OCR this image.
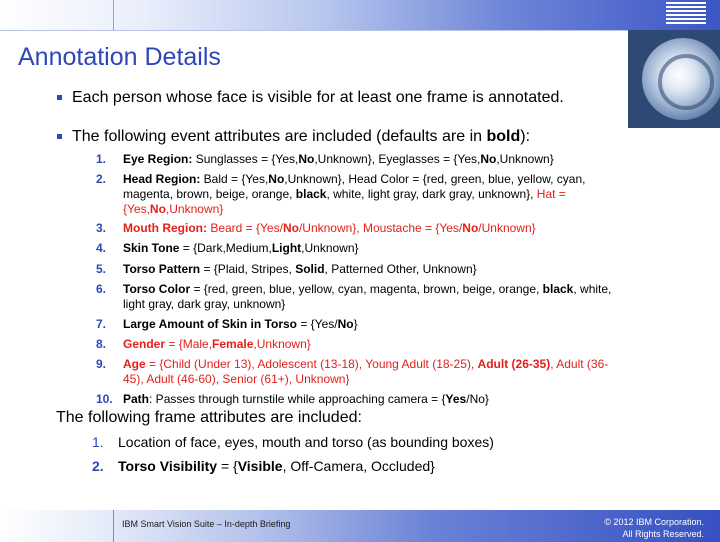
Annotation Details
Each person whose face is visible for at least one frame is annotated.
The following event attributes are included (defaults are in bold):
1.	Eye Region: Sunglasses = {Yes,No,Unknown}, Eyeglasses = {Yes,No,Unknown}
2.	Head Region: Bald = {Yes,No,Unknown}, Head Color = {red, green, blue, yellow, cyan, magenta, brown, beige, orange, black, white, light gray, dark gray, unknown}, Hat = {Yes,No,Unknown}
3.	Mouth Region: Beard = {Yes/No/Unknown}, Moustache = {Yes/No/Unknown}
4.	Skin Tone = {Dark,Medium,Light,Unknown}
5.	Torso Pattern = {Plaid, Stripes, Solid, Patterned Other, Unknown}
6.	Torso Color = {red, green, blue, yellow, cyan, magenta, brown, beige, orange, black, white, light gray, dark gray, unknown}
7.	Large Amount of Skin in Torso = {Yes/No}
8.	Gender = {Male,Female,Unknown}
9.	Age = {Child (Under 13), Adolescent (13-18), Young Adult (18-25), Adult (26-35), Adult (36-45), Adult (46-60), Senior (61+), Unknown}
10. Path: Passes through turnstile while approaching camera = {Yes/No}
The following frame attributes are included:
1. Location of face, eyes, mouth and torso (as bounding boxes)
2. Torso Visibility = {Visible, Off-Camera, Occluded}
IBM Smart Vision Suite – In-depth Briefing	© 2012 IBM Corporation.
All Rights Reserved.
